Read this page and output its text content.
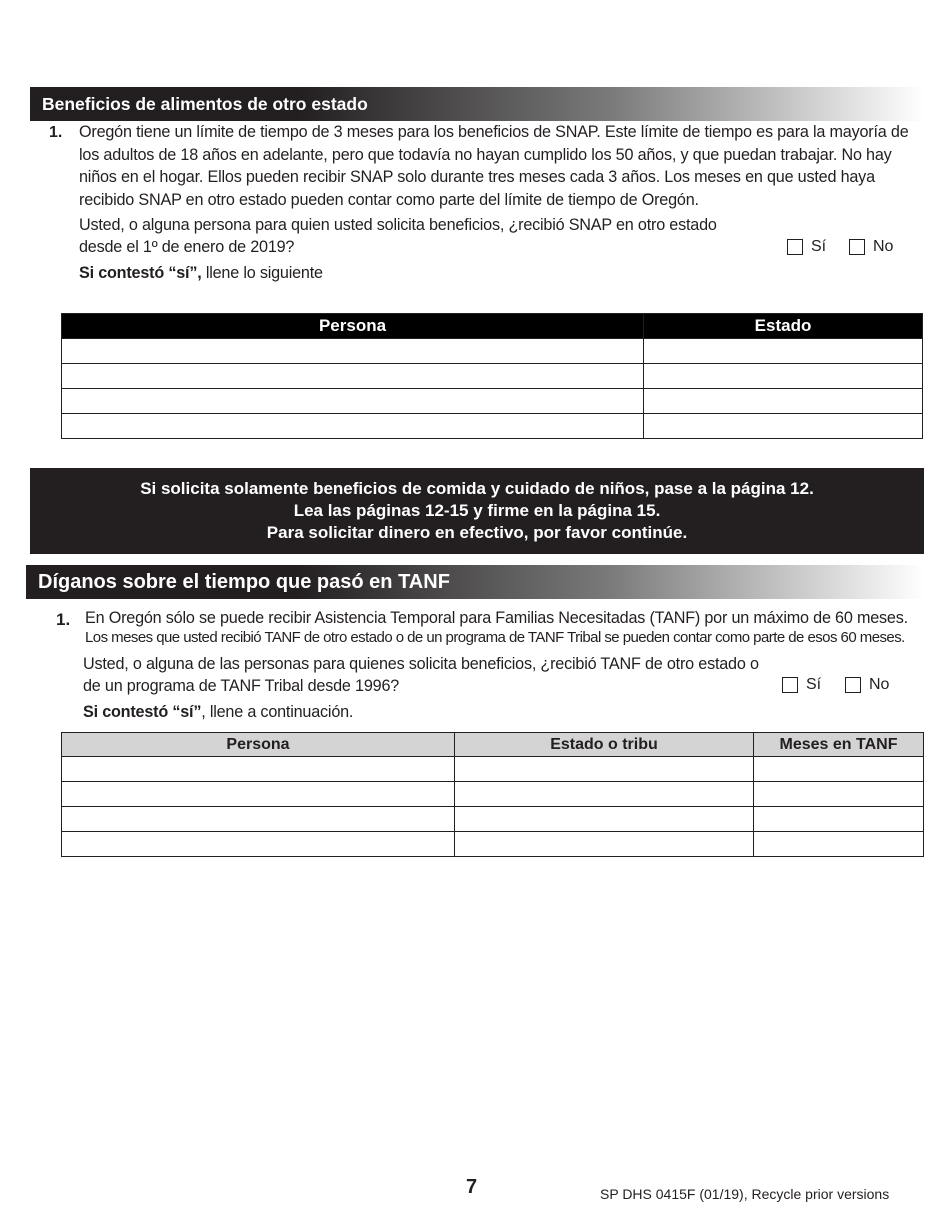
Beneficios de alimentos de otro estado
1. Oregón tiene un límite de tiempo de 3 meses para los beneficios de SNAP. Este límite de tiempo es para la mayoría de los adultos de 18 años en adelante, pero que todavía no hayan cumplido los 50 años, y que puedan trabajar. No hay niños en el hogar. Ellos pueden recibir SNAP solo durante tres meses cada 3 años. Los meses en que usted haya recibido SNAP en otro estado pueden contar como parte del límite de tiempo de Oregón.
Usted, o alguna persona para quien usted solicita beneficios, ¿recibió SNAP en otro estado
desde el 1º de enero de 2019?	Sí	No
Si contestó “sí”, llene lo siguiente
Persona	Estado

Si solicita solamente beneficios de comida y cuidado de niños, pase a la página 12.
Lea las páginas 12-15 y firme en la página 15.
Para solicitar dinero en efectivo, por favor continúe.
Díganos sobre el tiempo que pasó en TANF
1. En Oregón sólo se puede recibir Asistencia Temporal para Familias Necesitadas (TANF) por un máximo de 60 meses.
Los meses que usted recibió TANF de otro estado o de un programa de TANF Tribal se pueden contar como parte de esos 60 meses.
Usted, o alguna de las personas para quienes solicita beneficios, ¿recibió TANF de otro estado o
de un programa de TANF Tribal desde 1996?	Sí	No
Si contestó “sí”, llene a continuación.
Persona	Estado o tribu	Meses en TANF

7	SP DHS 0415F (01/19), Recycle prior versions
